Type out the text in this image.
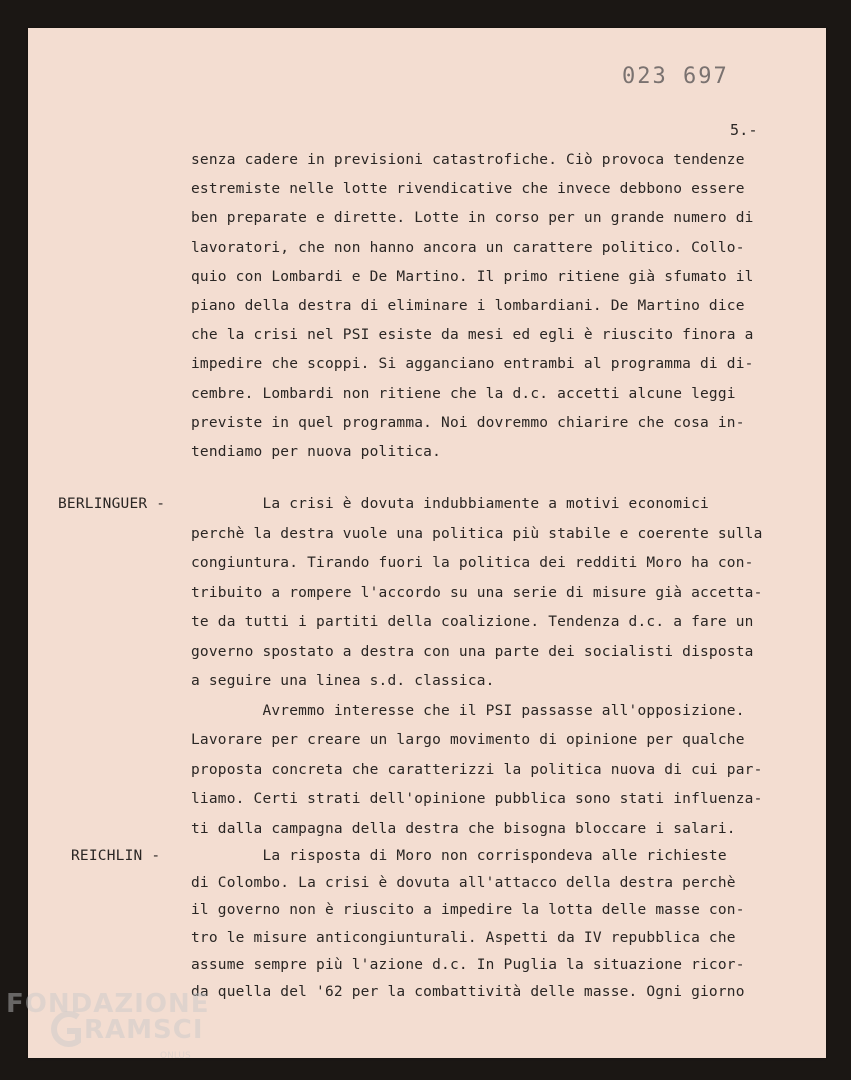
023 697
5.-
senza cadere in previsioni catastrofiche. Ciò provoca tendenze
estremiste nelle lotte rivendicative che invece debbono essere
ben preparate e dirette. Lotte in corso per un grande numero di
lavoratori, che non hanno ancora un carattere politico. Collo-
quio con Lombardi e De Martino. Il primo ritiene già sfumato il
piano della destra di eliminare i lombardiani. De Martino dice
che la crisi nel PSI esiste da mesi ed egli è riuscito finora a
impedire che scoppi. Si agganciano entrambi al programma di di-
cembre. Lombardi non ritiene che la d.c. accetti alcune leggi
previste in quel programma. Noi dovremmo chiarire che cosa in-
tendiamo per nuova politica.
BERLINGUER - La crisi è dovuta indubbiamente a motivi economici
perchè la destra vuole una politica più stabile e coerente sulla
congiuntura. Tirando fuori la politica dei redditi Moro ha con-
tribuito a rompere l'accordo su una serie di misure già accetta-
te da tutti i partiti della coalizione. Tendenza d.c. a fare un
governo spostato a destra con una parte dei socialisti disposta
a seguire una linea s.d. classica.
Avremmo interesse che il PSI passasse all'opposizione.
Lavorare per creare un largo movimento di opinione per qualche
proposta concreta che caratterizzi la politica nuova di cui par-
liamo. Certi strati dell'opinione pubblica sono stati influenza-
ti dalla campagna della destra che bisogna bloccare i salari.
REICHLIN - La risposta di Moro non corrispondeva alle richieste
di Colombo. La crisi è dovuta all'attacco della destra perchè
il governo non è riuscito a impedire la lotta delle masse con-
tro le misure anticongiunturali. Aspetti da IV repubblica che
assume sempre più l'azione d.c. In Puglia la situazione ricor-
da quella del '62 per la combattività delle masse. Ogni giorno
FONDAZIONE
RAMSCI
ONLUS
